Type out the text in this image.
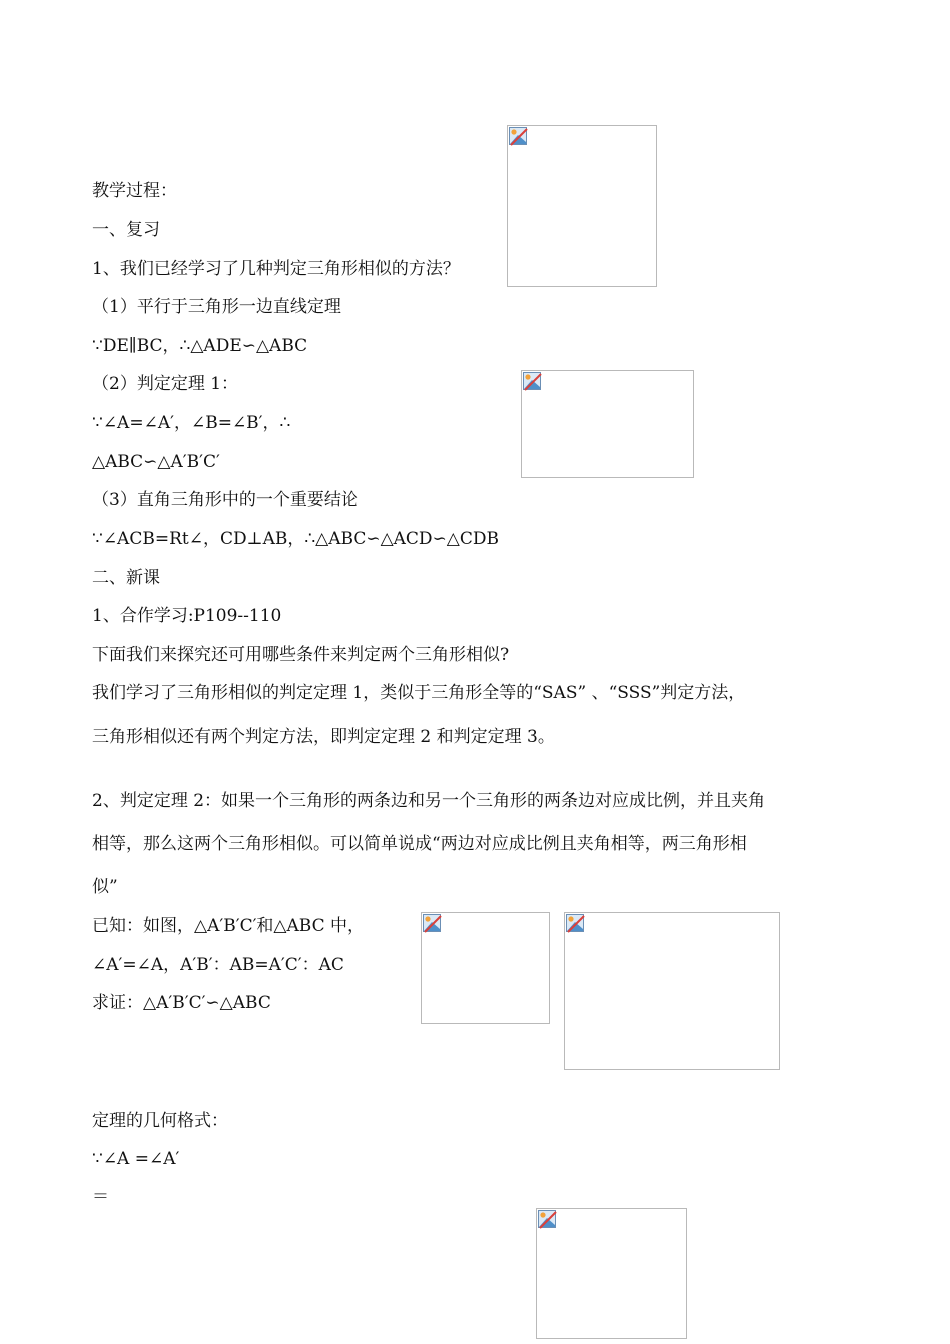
教学过程：
一、复习
1、我们已经学习了几种判定三角形相似的方法？
（1）平行于三角形一边直线定理
∵DE∥BC，∴△ADE∽△ABC
（2）判定定理 1：
∵∠A=∠A′，∠B=∠B′，∴
△ABC∽△A′B′C′
（3）直角三角形中的一个重要结论
∵∠ACB=Rt∠，CD⊥AB，∴△ABC∽△ACD∽△CDB
二、新课
1、合作学习:P109--110
下面我们来探究还可用哪些条件来判定两个三角形相似?
我们学习了三角形相似的判定定理 1，类似于三角形全等的“SAS” 、“SSS”判定方法，
三角形相似还有两个判定方法，即判定定理 2 和判定定理 3。
2、判定定理 2：如果一个三角形的两条边和另一个三角形的两条边对应成比例，并且夹角
相等，那么这两个三角形相似。可以简单说成“两边对应成比例且夹角相等，两三角形相
似”
已知：如图，△A′B′C′和△ABC 中，
∠A′=∠A，A′B′：AB=A′C′：AC
求证：△A′B′C′∽△ABC
定理的几何格式：
∵∠A =∠A′
＝
